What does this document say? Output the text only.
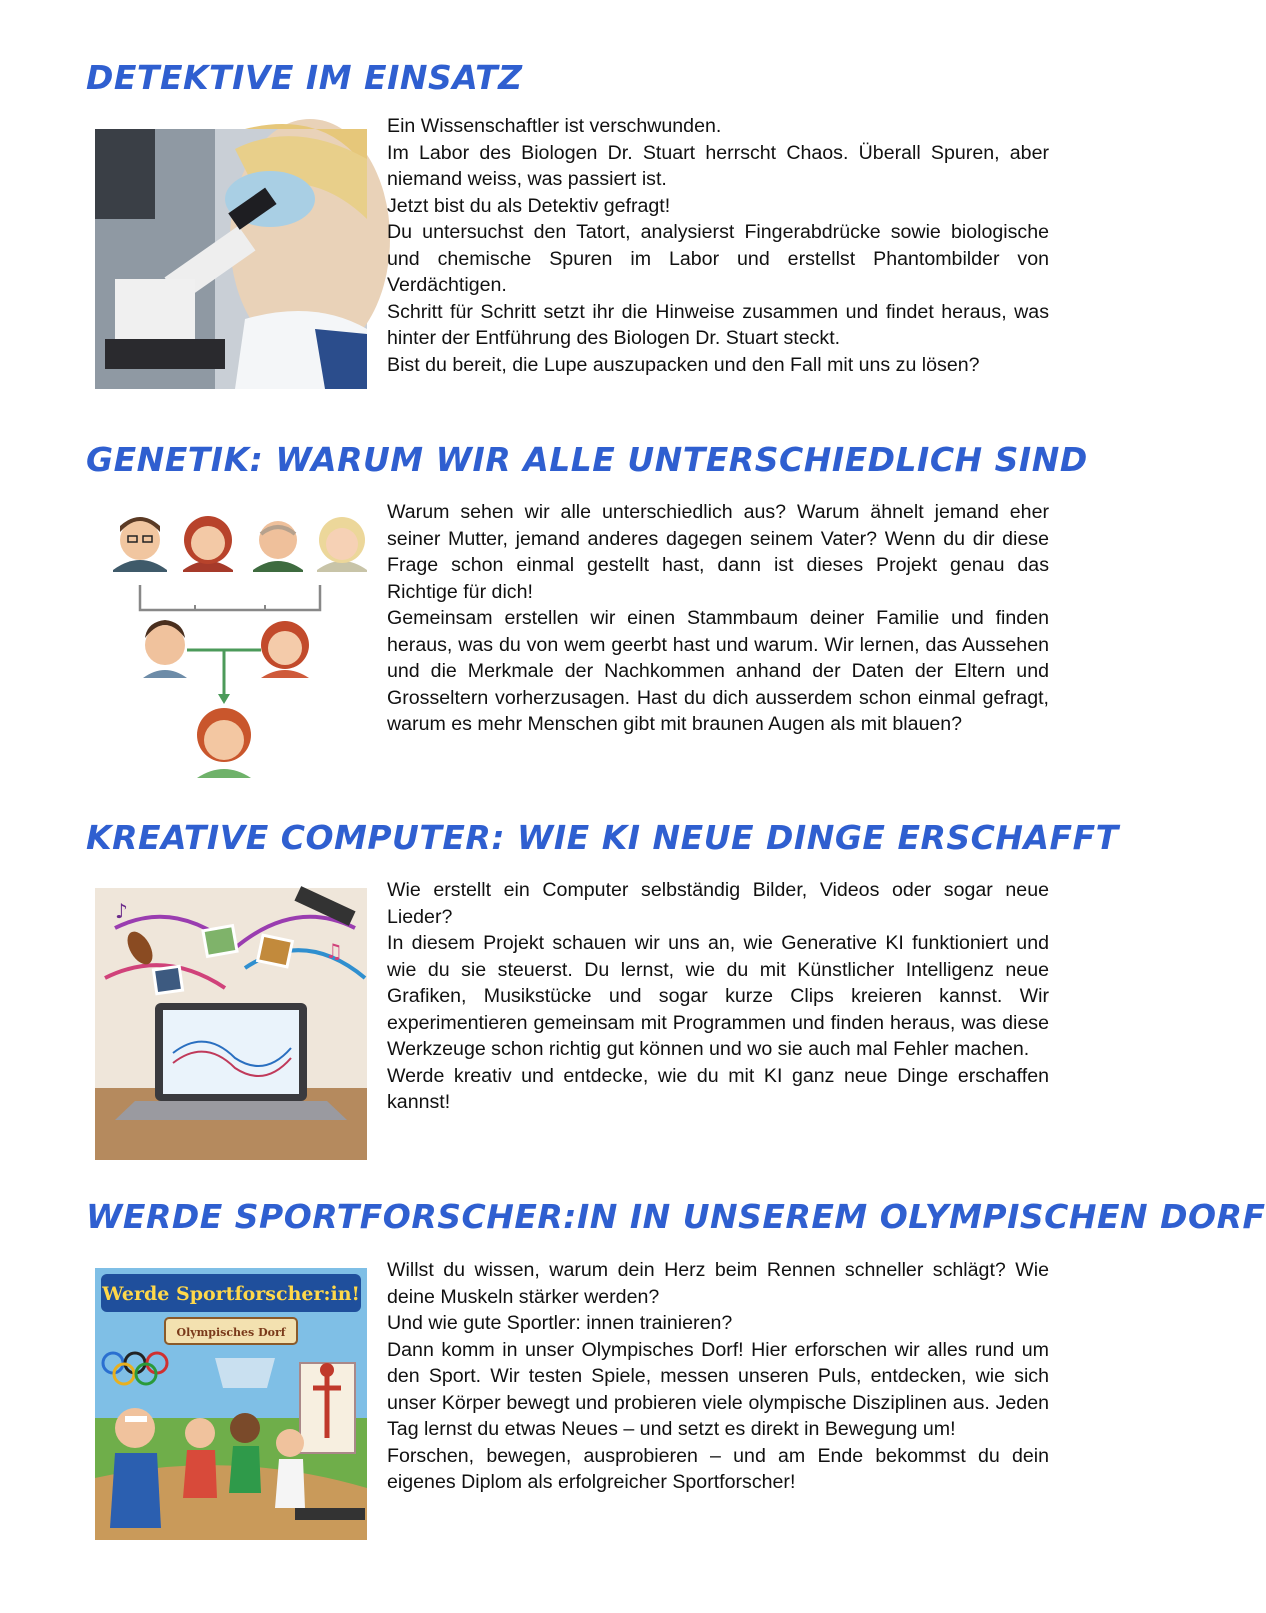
DETEKTIVE IM EINSATZ

Ein Wissenschaftler ist verschwunden.

Im Labor des Biologen Dr. Stuart herrscht Chaos. Überall Spuren, aber niemand weiss, was passiert ist.

Jetzt bist du als Detektiv gefragt!

Du untersuchst den Tatort, analysierst Fingerabdrücke sowie biologische und chemische Spuren im Labor und erstellst Phantombilder von Verdächtigen.

Schritt für Schritt setzt ihr die Hinweise zusammen und findet heraus, was hinter der Entführung des Biologen Dr. Stuart steckt.

Bist du bereit, die Lupe auszupacken und den Fall mit uns zu lösen?

GENETIK: WARUM WIR ALLE UNTERSCHIEDLICH SIND

Warum sehen wir alle unterschiedlich aus? Warum ähnelt jemand eher seiner Mutter, jemand anderes dagegen seinem Vater? Wenn du dir diese Frage schon einmal gestellt hast, dann ist dieses Projekt genau das Richtige für dich!

Gemeinsam erstellen wir einen Stammbaum deiner Familie und finden heraus, was du von wem geerbt hast und warum. Wir lernen, das Aussehen und die Merkmale der Nachkommen anhand der Daten der Eltern und Grosseltern vorherzusagen. Hast du dich ausserdem schon einmal gefragt, warum es mehr Menschen gibt mit braunen Augen als mit blauen?

KREATIVE COMPUTER: WIE KI NEUE DINGE ERSCHAFFT
♪
♫

Wie erstellt ein Computer selbständig Bilder, Videos oder sogar neue Lieder?

In diesem Projekt schauen wir uns an, wie Generative KI funktioniert und wie du sie steuerst. Du lernst, wie du mit Künstlicher Intelligenz neue Grafiken, Musikstücke und sogar kurze Clips kreieren kannst. Wir experimentieren gemeinsam mit Programmen und finden heraus, was diese Werkzeuge schon richtig gut können und wo sie auch mal Fehler machen.

Werde kreativ und entdecke, wie du mit KI ganz neue Dinge erschaffen kannst!

WERDE SPORTFORSCHER:IN IN UNSEREM OLYMPISCHEN DORF
Werde Sportforscher:in!
Olympisches Dorf

Willst du wissen, warum dein Herz beim Rennen schneller schlägt? Wie deine Muskeln stärker werden?

Und wie gute Sportler: innen trainieren?

Dann komm in unser Olympisches Dorf! Hier erforschen wir alles rund um den Sport. Wir testen Spiele, messen unseren Puls, entdecken, wie sich unser Körper bewegt und probieren viele olympische Disziplinen aus. Jeden Tag lernst du etwas Neues – und setzt es direkt in Bewegung um!

Forschen, bewegen, ausprobieren – und am Ende bekommst du dein eigenes Diplom als erfolgreicher Sportforscher!
